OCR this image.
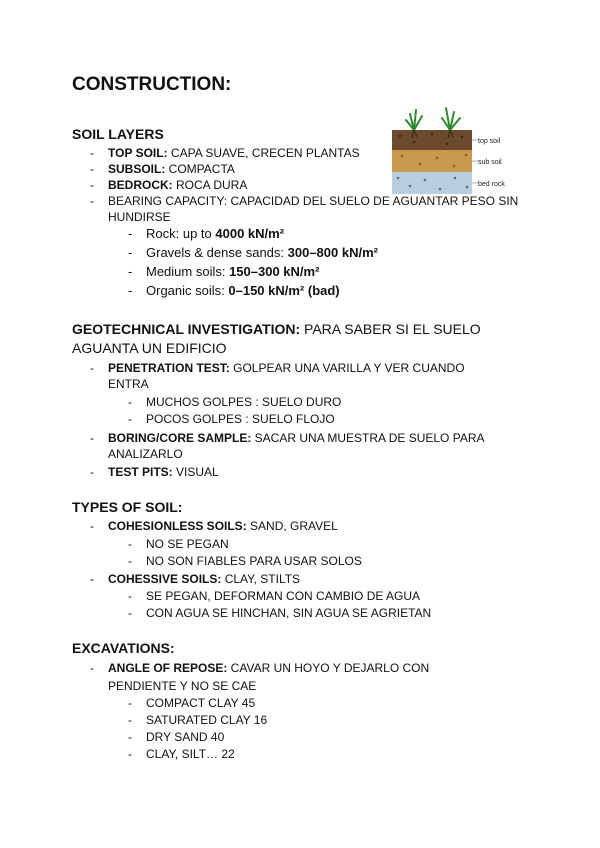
CONSTRUCTION:
SOIL LAYERS	top soil
sub soil
bed rock
- TOP SOIL: CAPA SUAVE, CRECEN PLANTAS
- SUBSOIL: COMPACTA
- BEDROCK: ROCA DURA
- BEARING CAPACITY: CAPACIDAD DEL SUELO DE AGUANTAR PESO SIN HUNDIRSE
- Rock: up to 4000 kN/m²
- Gravels & dense sands: 300–800 kN/m²
- Medium soils: 150–300 kN/m²
- Organic soils: 0–150 kN/m² (bad)
GEOTECHNICAL INVESTIGATION: PARA SABER SI EL SUELO AGUANTA UN EDIFICIO
- PENETRATION TEST: GOLPEAR UNA VARILLA Y VER CUANDO ENTRA
- MUCHOS GOLPES : SUELO DURO
- POCOS GOLPES : SUELO FLOJO
- BORING/CORE SAMPLE: SACAR UNA MUESTRA DE SUELO PARA ANALIZARLO
- TEST PITS: VISUAL
TYPES OF SOIL:
- COHESIONLESS SOILS: SAND, GRAVEL
- NO SE PEGAN
- NO SON FIABLES PARA USAR SOLOS
- COHESSIVE SOILS: CLAY, STILTS
- SE PEGAN, DEFORMAN CON CAMBIO DE AGUA
- CON AGUA SE HINCHAN, SIN AGUA SE AGRIETAN
EXCAVATIONS:
- ANGLE OF REPOSE: CAVAR UN HOYO Y DEJARLO CON PENDIENTE Y NO SE CAE
- COMPACT CLAY 45
- SATURATED CLAY 16
- DRY SAND 40
- CLAY, SILT… 22
